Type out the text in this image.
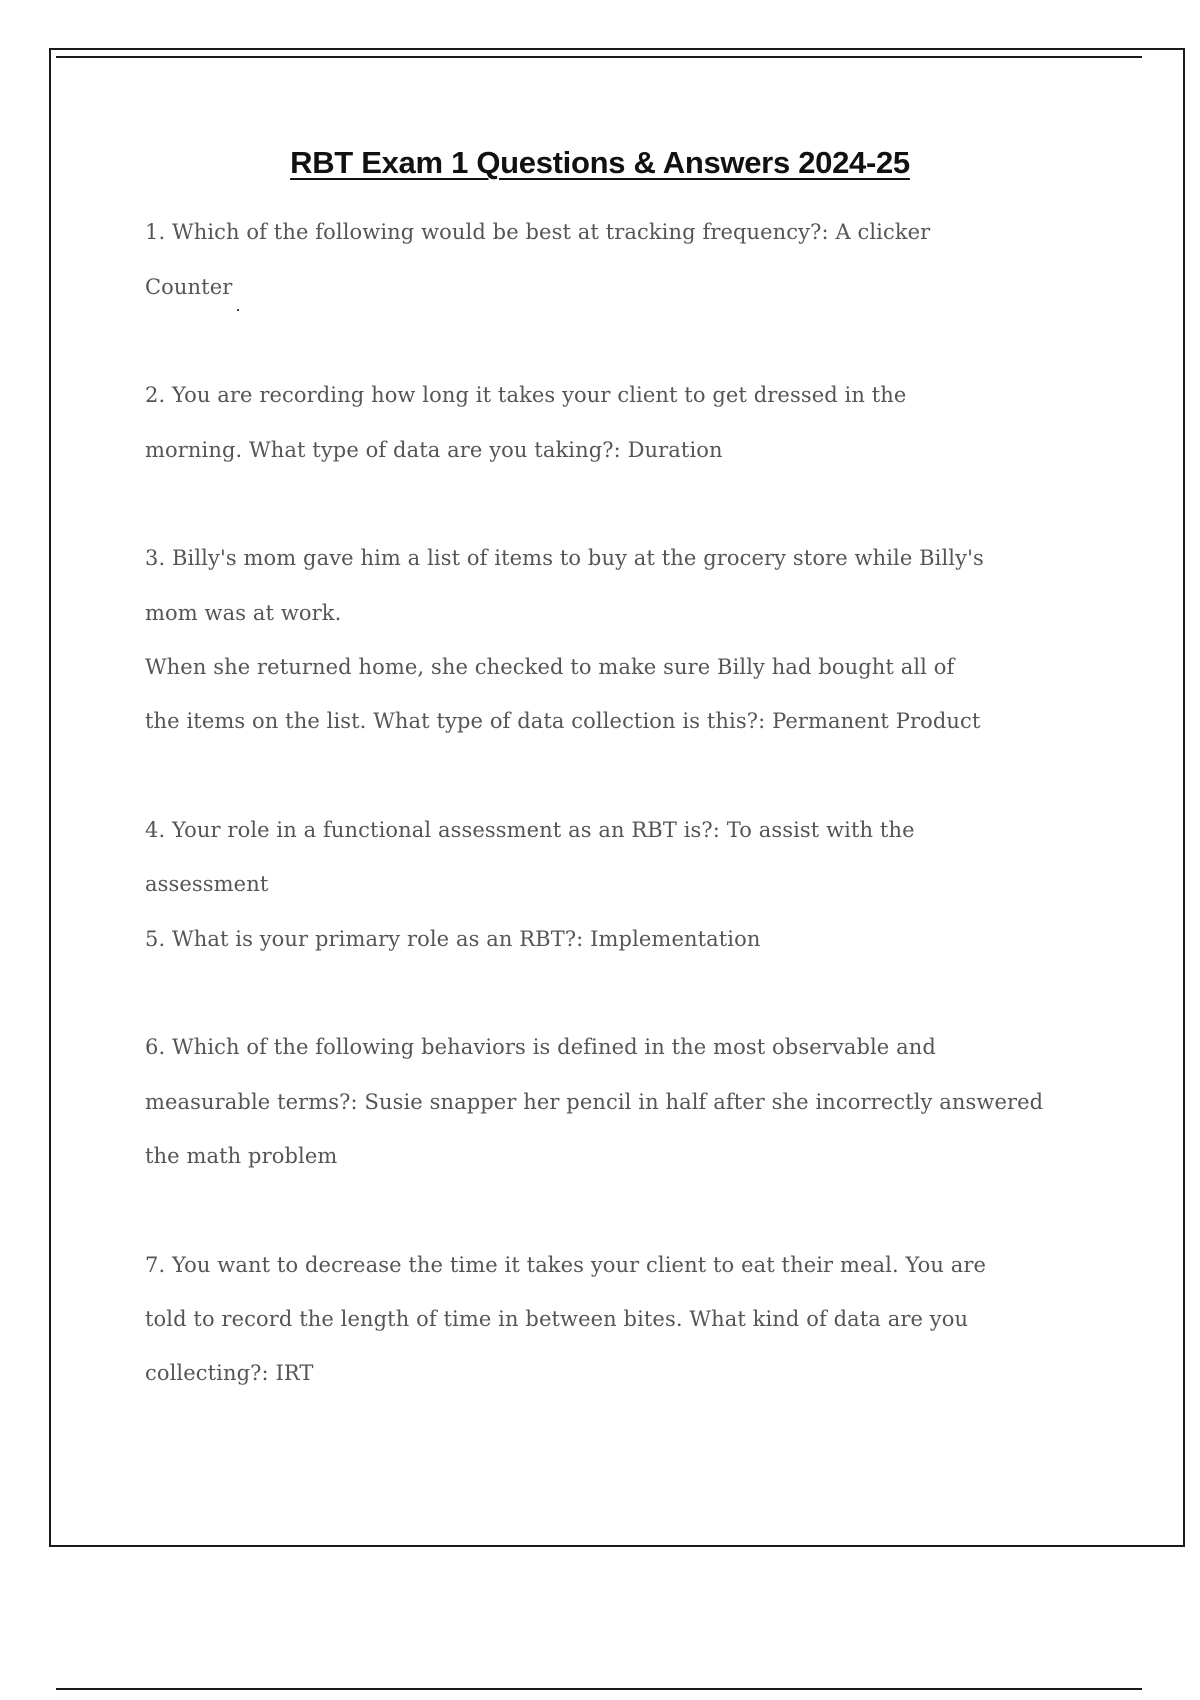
RBT Exam 1 Questions & Answers 2024-25

1. Which of the following would be best at tracking frequency?: A clicker

Counter

2. You are recording how long it takes your client to get dressed in the

morning. What type of data are you taking?: Duration

3. Billy's mom gave him a list of items to buy at the grocery store while Billy's

mom was at work.

When she returned home, she checked to make sure Billy had bought all of

the items on the list. What type of data collection is this?: Permanent Product

4. Your role in a functional assessment as an RBT is?: To assist with the

assessment

5. What is your primary role as an RBT?: Implementation

6. Which of the following behaviors is defined in the most observable and

measurable terms?: Susie snapper her pencil in half after she incorrectly answered

the math problem

7. You want to decrease the time it takes your client to eat their meal. You are

told to record the length of time in between bites. What kind of data are you

collecting?: IRT
